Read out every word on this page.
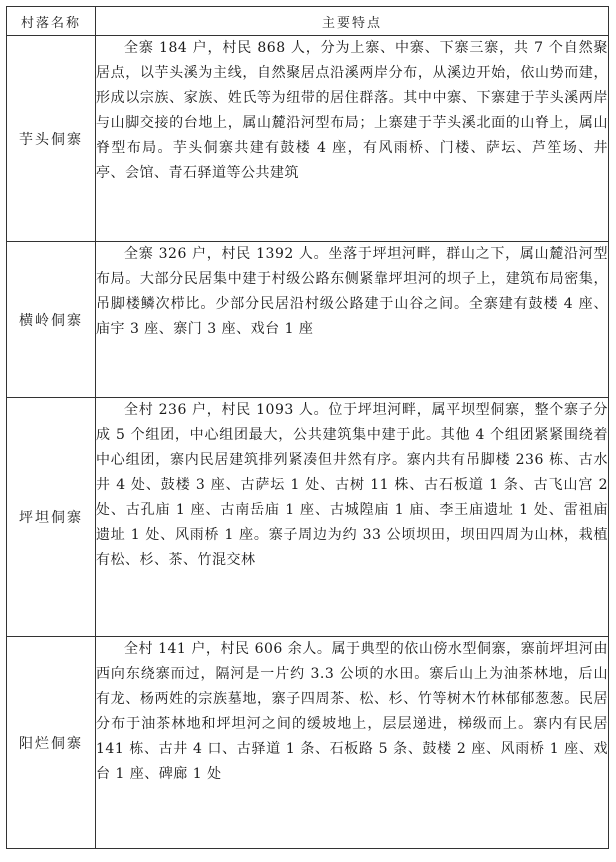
村落名称	主要特点
芋头侗寨	全寨 184 户，村民 868 人，分为上寨、中寨、下寨三寨，共 7 个自然聚居点，以芋头溪为主线，自然聚居点沿溪两岸分布，从溪边开始，依山势而建，形成以宗族、家族、姓氏等为纽带的居住群落。其中中寨、下寨建于芋头溪两岸与山脚交接的台地上，属山麓沿河型布局；上寨建于芋头溪北面的山脊上，属山脊型布局。芋头侗寨共建有鼓楼 4 座，有风雨桥、门楼、萨坛、芦笙场、井亭、会馆、青石驿道等公共建筑
横岭侗寨	全寨 326 户，村民 1392 人。坐落于坪坦河畔，群山之下，属山麓沿河型布局。大部分民居集中建于村级公路东侧紧靠坪坦河的坝子上，建筑布局密集，吊脚楼鳞次栉比。少部分民居沿村级公路建于山谷之间。全寨建有鼓楼 4 座、庙宇 3 座、寨门 3 座、戏台 1 座
坪坦侗寨	全村 236 户，村民 1093 人。位于坪坦河畔，属平坝型侗寨，整个寨子分成 5 个组团，中心组团最大，公共建筑集中建于此。其他 4 个组团紧紧围绕着中心组团，寨内民居建筑排列紧凑但井然有序。寨内共有吊脚楼 236 栋、古水井 4 处、鼓楼 3 座、古萨坛 1 处、古树 11 株、古石板道 1 条、古飞山宫 2 处、古孔庙 1 座、古南岳庙 1 座、古城隍庙 1 庙、李王庙遗址 1 处、雷祖庙遗址 1 处、风雨桥 1 座。寨子周边为约 33 公顷坝田，坝田四周为山林，栽植有松、杉、茶、竹混交林
阳烂侗寨	全村 141 户，村民 606 余人。属于典型的依山傍水型侗寨，寨前坪坦河由西向东绕寨而过，隔河是一片约 3.3 公顷的水田。寨后山上为油茶林地，后山有龙、杨两姓的宗族墓地，寨子四周茶、松、杉、竹等树木竹林郁郁葱葱。民居分布于油茶林地和坪坦河之间的缓坡地上，层层递进，梯级而上。寨内有民居 141 栋、古井 4 口、古驿道 1 条、石板路 5 条、鼓楼 2 座、风雨桥 1 座、戏台 1 座、碑廊 1 处
